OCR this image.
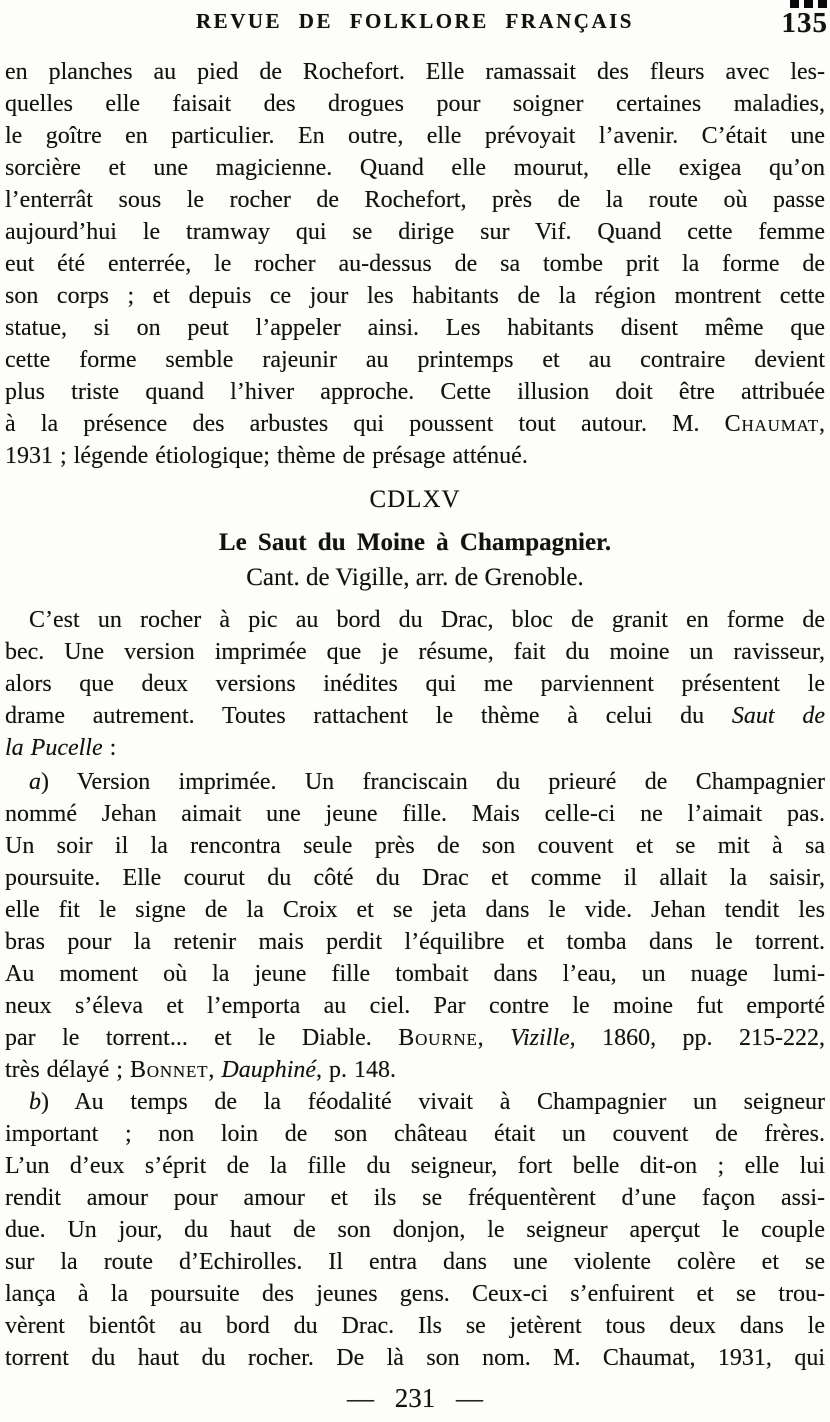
REVUE DE FOLKLORE FRANÇAIS	135
en planches au pied de Rochefort. Elle ramassait des fleurs avec les-
quelles elle faisait des drogues pour soigner certaines maladies,
le goître en particulier. En outre, elle prévoyait l’avenir. C’était une
sorcière et une magicienne. Quand elle mourut, elle exigea qu’on
l’enterrât sous le rocher de Rochefort, près de la route où passe
aujourd’hui le tramway qui se dirige sur Vif. Quand cette femme
eut été enterrée, le rocher au-dessus de sa tombe prit la forme de
son corps ; et depuis ce jour les habitants de la région montrent cette
statue, si on peut l’appeler ainsi. Les habitants disent même que
cette forme semble rajeunir au printemps et au contraire devient
plus triste quand l’hiver approche. Cette illusion doit être attribuée
à la présence des arbustes qui poussent tout autour. M. Chaumat,
1931 ; légende étiologique; thème de présage atténué.
CDLXV
Le Saut du Moine à Champagnier.
Cant. de Vigille, arr. de Grenoble.
C’est un rocher à pic au bord du Drac, bloc de granit en forme de
bec. Une version imprimée que je résume, fait du moine un ravisseur,
alors que deux versions inédites qui me parviennent présentent le
drame autrement. Toutes rattachent le thème à celui du Saut de
la Pucelle :
a) Version imprimée. Un franciscain du prieuré de Champagnier
nommé Jehan aimait une jeune fille. Mais celle-ci ne l’aimait pas.
Un soir il la rencontra seule près de son couvent et se mit à sa
poursuite. Elle courut du côté du Drac et comme il allait la saisir,
elle fit le signe de la Croix et se jeta dans le vide. Jehan tendit les
bras pour la retenir mais perdit l’équilibre et tomba dans le torrent.
Au moment où la jeune fille tombait dans l’eau, un nuage lumi-
neux s’éleva et l’emporta au ciel. Par contre le moine fut emporté
par le torrent... et le Diable. Bourne, Vizille, 1860, pp. 215-222,
très délayé ; Bonnet, Dauphiné, p. 148.
b) Au temps de la féodalité vivait à Champagnier un seigneur
important ; non loin de son château était un couvent de frères.
L’un d’eux s’éprit de la fille du seigneur, fort belle dit-on ; elle lui
rendit amour pour amour et ils se fréquentèrent d’une façon assi-
due. Un jour, du haut de son donjon, le seigneur aperçut le couple
sur la route d’Echirolles. Il entra dans une violente colère et se
lança à la poursuite des jeunes gens. Ceux-ci s’enfuirent et se trou-
vèrent bientôt au bord du Drac. Ils se jetèrent tous deux dans le
torrent du haut du rocher. De là son nom. M. Chaumat, 1931, qui
— 231 —
